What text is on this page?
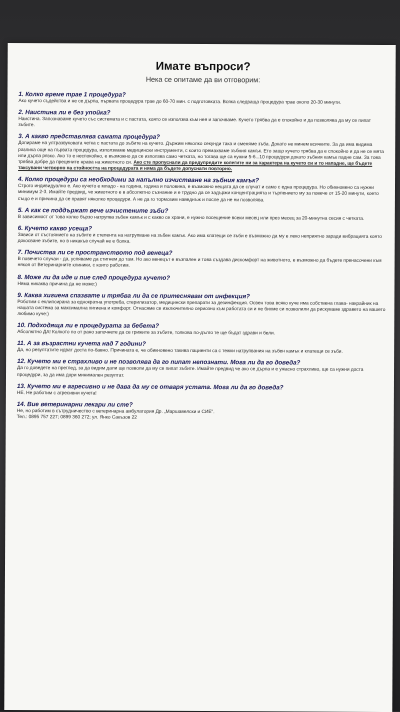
Имате въпроси?

Нека се опитаме да ви отговорим:

1. Колко време трае 1 процедура?

Ако кучето съдейства и не се дърпа, първата процедура трае до 60-70 мин. с подготовката. Всяка следваща процедура трае около 20-30 минути.

2. Наистина ли е без упойка?

Наистина. Запознаваме кучето със системата и с пастата, която се използва към нея и започваме. Кучето трябва да е спокойно и да позволява да му се пипат зъбите.

3. А какво представлява самата процедура?

Допираме на ултразвуковата четка с пастата до зъбите на кучето. Държим няколко секунди така и сменяме зъба. Докато не минем всичките. За да има видима разлика още на първата процедура, използваме медицински инструменти, с които премахваме зъбния камък. Ето защо кучето трябва да е спокойно и да не се мята или дърпа рязко. Ако то е неспокойно, е възможно да се използва само четката, но тогава ще са нужни 5-6...10 процедури докато зъбния камък падне сам. За това трябва добре да прецените нрава на животното си. Ако сте пропуснали да предупредите колегите ни за характера на кучето си и то нападне, ще бъдете таксувани четворно на стойността на процедурата и няма да бъдете допуснати повторно.

4. Колко процедури са необходими за напълно изчистване на зъбния камък?

Строго индивидуално е. Ако кучето е младо - на година, година и половина, е възможно нещата да се случат и само с една процедура. Но обикновено са нужни минимум 2-3. Имайте предвид, че животното е в абсолютно съзнание и е трудно да се задържи концентрацията и търпението му за повече от 15-20 минути, което също е и причина да се правят няколко процедури. А не да го тормозим наведнъж и после да не ни позволява.

5. А как се поддържат вече изчистените зъби?

В зависимост от това колко бързо натрупва зъбен камък и с какво се храни, е нужно посещение всеки месец или през месец за 20-минутна сесия с четката.

6. Кучето какво усеща?

Зависи от състоянието на зъбите и степента на натрупване на зъбен камък. Ако има клатещи се зъби е възможно да му е леко неприятно заради вибрацията която докосване зъбите, но в никакъв случай не е болка.

7. Почиства ли се пространството под венеца?

В повечето случаи - да, успяваме да стигнем до там. Но ако венецът е възпален и това създава дискомфорт на животното, е възможно да бъдете пренасочени към някоя от Ветеринарните клиники, с които работим.

8. Може ли да иде и пие след процедура кучето?

Няма никаква причина да не може:)

9. Каква хигиена спазвате и трябва ли да се притеснявам от инфекция?

Роботим с еклипсирана за еднократна употреба, стерилизатор, медицински препарати за дезинфекция. Освен това всяко куче има собствена глава- накрайник на нашата система за максимална хигиена и комфорт. Отнасяме се изключително сериозно към работата си и не бихме си позволили да рискуваме здравето на вашето любимо куче:)

10. Подходяща ли е процедурата за бебета?

Абсолютно ДА! Колкото по от рано започнете да се грижите за зъбите, толкова по-дълго те ще бъдат здрави и бели.

11. А за възрастни кучета над 7 години?

Да, но резултатите идват доста по-бавно. Причината е, че обикновено такива пациенти са с тежки натрупвания на зъбен камък и клатещи се зъби.

12. Кучето ми е страхливо и не позволява да го пипат непознати. Мога ли да го доведа?

Да го доведете на преглед, за да видим дали ще позволи да му се пипат зъбите. Имайте предвид че ако се дърпа и е ужасно страхливо, ще са нужни доста процедури, за да има дори минимален резултат.

13. Кучето ми е агресивно и не дава да му се отваря устата. Мога ли да го доведа?

НЕ. Не работим с агресивни кучета!

14. Вие ветеринарни лекари ли сте?

Не, но работим в сътрудничество с ветеринарна амбулатория Др. „Маршавелски и СИЕ".

Тел.: 0895 757 227; 0899 360 272; ул. Янко Сакъзов 22
